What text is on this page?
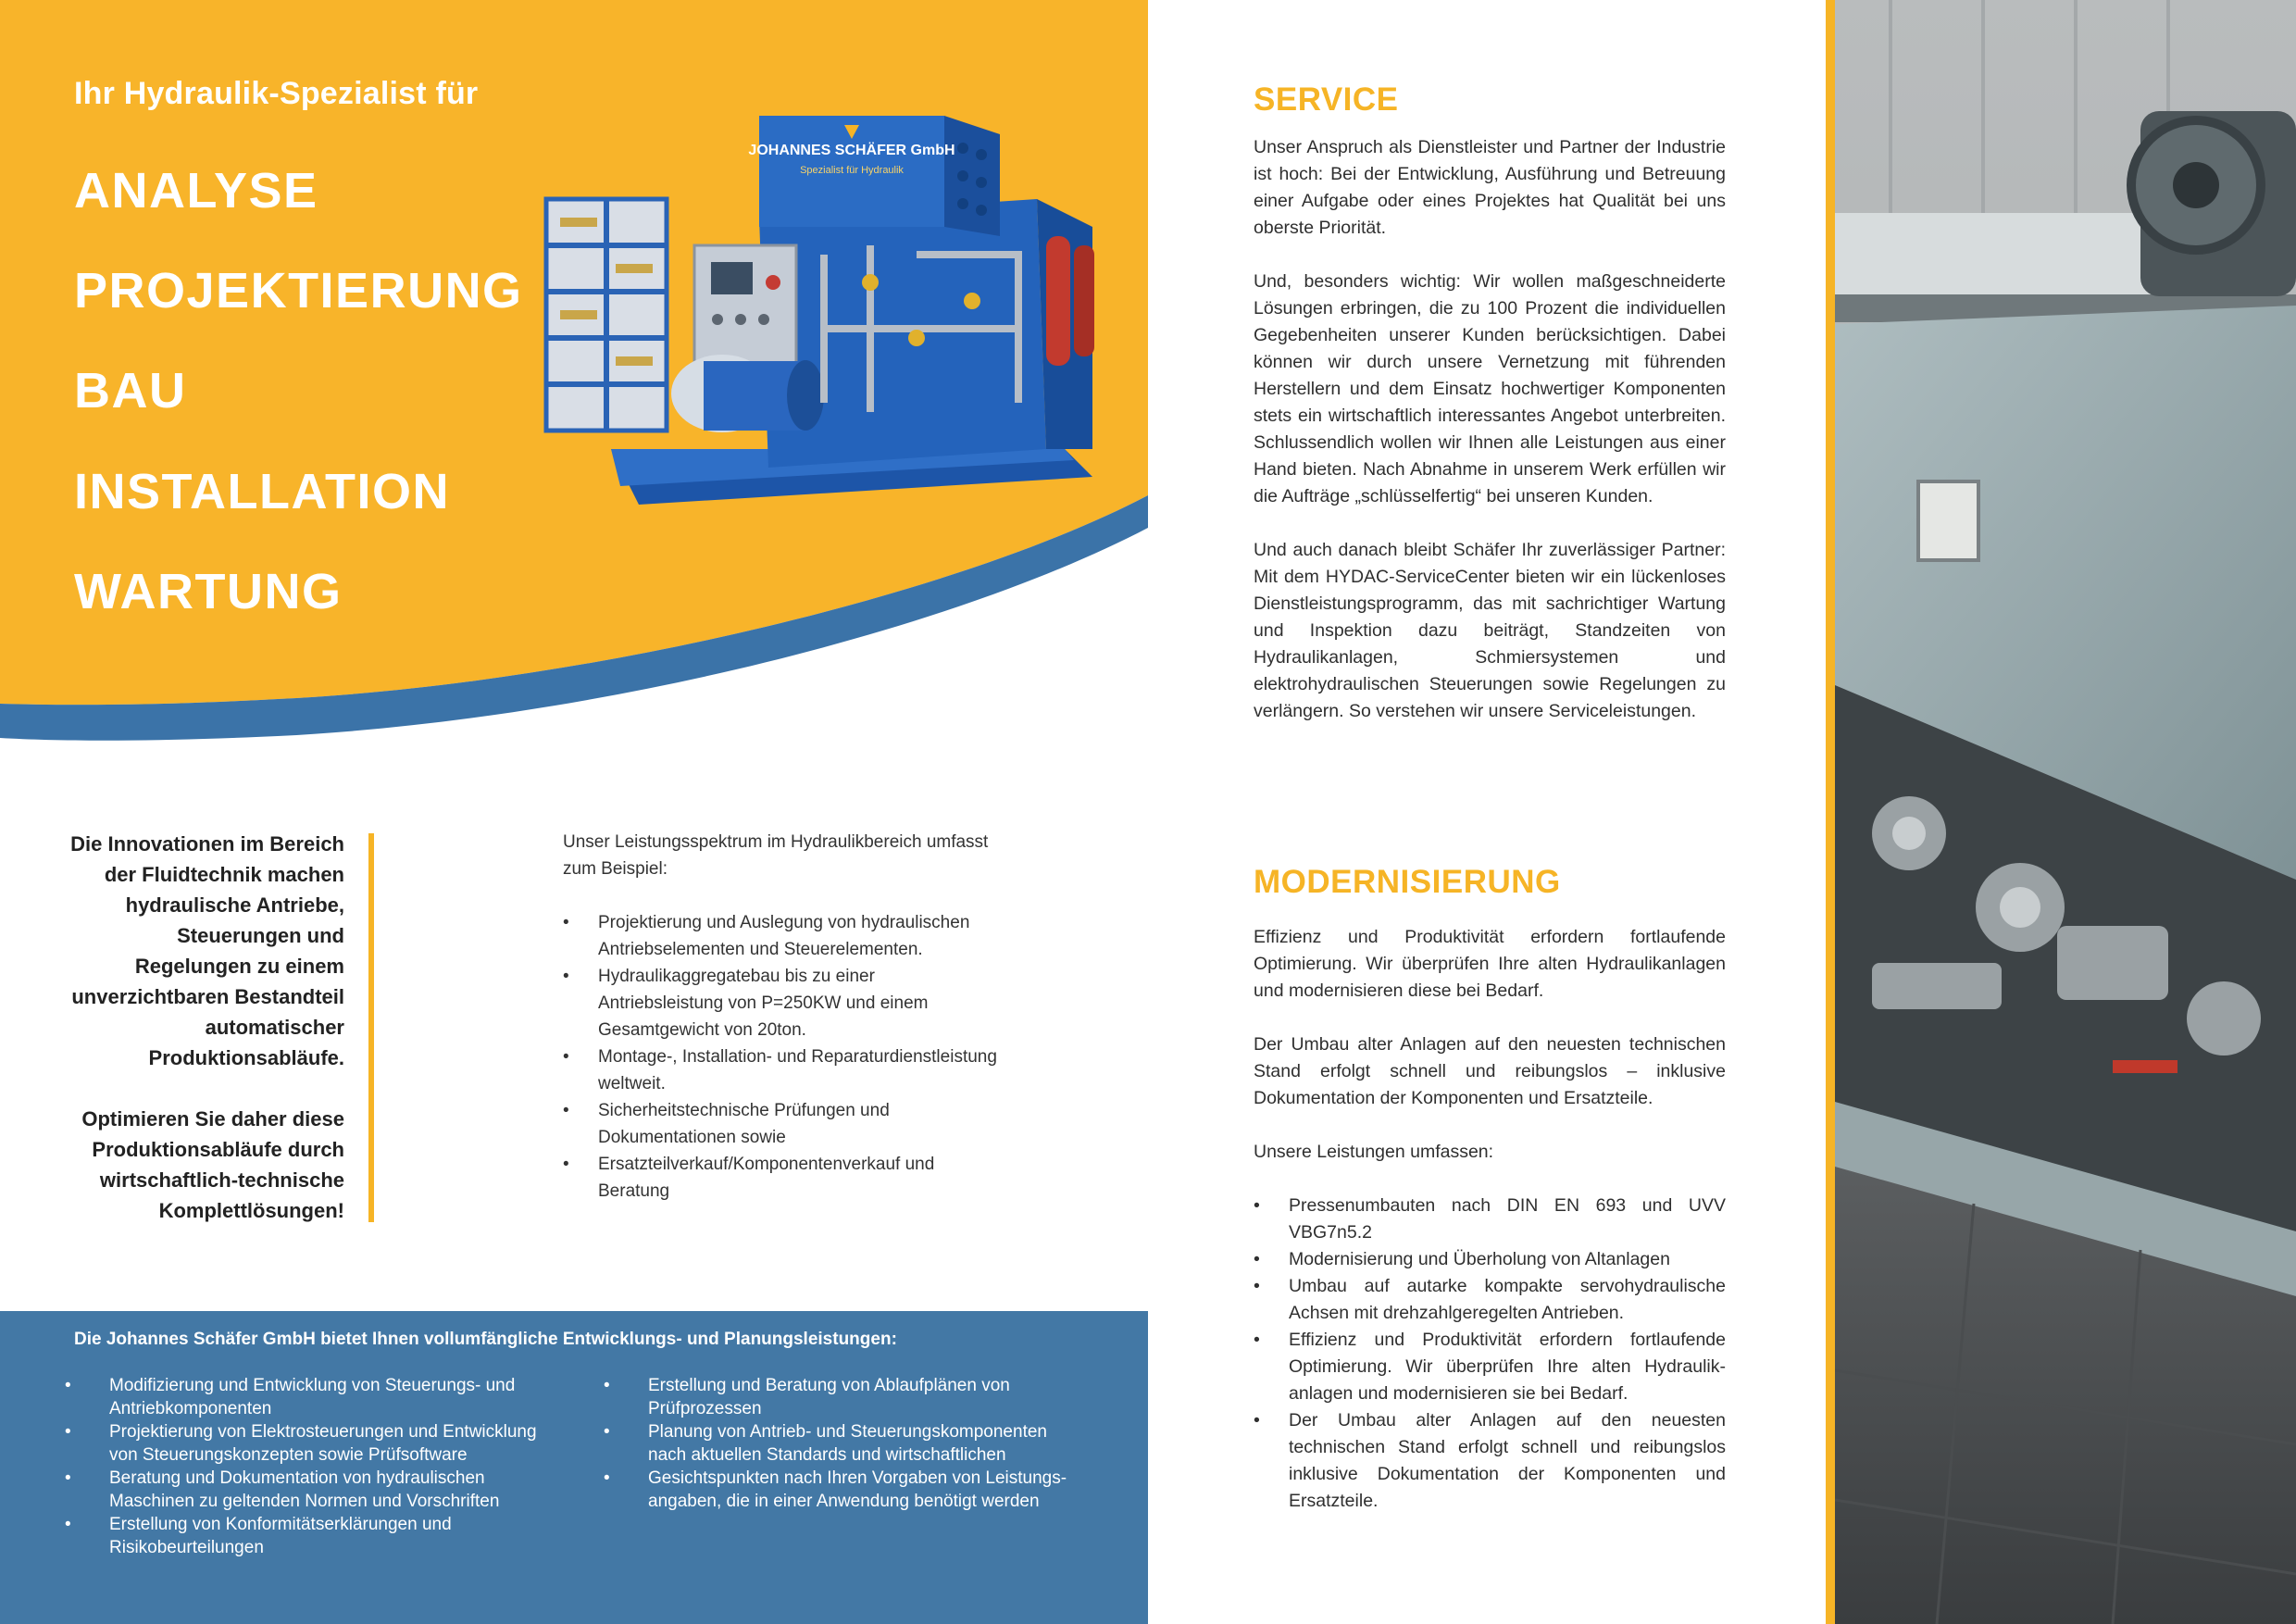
Ihr Hydraulik-Spezialist für
ANALYSE
PROJEKTIERUNG
BAU
INSTALLATION
WARTUNG
JOHANNES SCHÄFER GmbH
Spezialist für Hydraulik

Die Innovationen im Bereich der Fluidtechnik machen hydraulische Antriebe, Steuerungen und Regelungen zu einem unverzichtbaren Bestandteil automatischer Produktionsabläufe.

Optimieren Sie daher diese Produktionsabläufe durch wirtschaftlich-technische Komplettlösungen!

Unser Leistungsspektrum im Hydraulikbereich umfasst zum Beispiel:

• Projektierung und Auslegung von hydraulischen Antriebselementen und Steuerelementen.
• Hydraulikaggregatebau bis zu einer Antriebsleistung von P=250KW und einem Gesamtgewicht von 20ton.
• Montage-, Installation- und Reparaturdienstleistung weltweit.
• Sicherheitstechnische Prüfungen und Dokumentationen sowie
• Ersatzteilverkauf/Komponentenverkauf und Beratung
Die Johannes Schäfer GmbH bietet Ihnen vollumfängliche Entwicklungs- und Planungsleistungen:
• Modifizierung und Entwicklung von Steuerungs- und Antriebkomponenten
• Projektierung von Elektrosteuerungen und Entwicklung von Steuerungskonzepten sowie Prüfsoftware
• Beratung und Dokumentation von hydraulischen Maschinen zu geltenden Normen und Vorschriften
• Erstellung von Konformitätserklärungen und Risikobeurteilungen
• Erstellung und Beratung von Ablaufplänen von Prüfprozessen
• Planung von Antrieb- und Steuerungskomponenten nach aktuellen Standards und wirtschaftlichen
• Gesichtspunkten nach Ihren Vorgaben von Leistungs-angaben, die in einer Anwendung benötigt werden
SERVICE

Unser Anspruch als Dienstleister und Partner der Industrie ist hoch: Bei der Entwicklung, Ausführung und Betreuung einer Aufgabe oder eines Projektes hat Qualität bei uns oberste Priorität.

Und, besonders wichtig: Wir wollen maßgeschneiderte Lösungen erbringen, die zu 100 Prozent die individuellen Gegebenheiten unserer Kunden berücksichtigen. Dabei können wir durch unsere Vernetzung mit führenden Herstellern und dem Einsatz hochwertiger Komponenten stets ein wirtschaftlich interessantes Angebot unterbreiten. Schlussendlich wollen wir Ihnen alle Leistungen aus einer Hand bieten. Nach Abnahme in unserem Werk erfüllen wir die Aufträge „schlüsselfertig“ bei unseren Kunden.

Und auch danach bleibt Schäfer Ihr zuverlässiger Partner: Mit dem HYDAC-ServiceCenter bieten wir ein lückenloses Dienstleistungsprogramm, das mit sachrichtiger Wartung und Inspektion dazu beiträgt, Standzeiten von Hydraulikanlagen, Schmiersystemen und elektrohydraulischen Steuerungen sowie Regelungen zu verlängern. So verstehen wir unsere Serviceleistungen.

MODERNISIERUNG

Effizienz und Produktivität erfordern fortlaufende Optimierung. Wir überprüfen Ihre alten Hydraulikanlagen und modernisieren diese bei Bedarf.

Der Umbau alter Anlagen auf den neuesten technischen Stand erfolgt schnell und reibungslos – inklusive Dokumentation der Komponenten und Ersatzteile.

Unsere Leistungen umfassen:

• Pressenumbauten nach DIN EN 693 und UVV VBG7n5.2
• Modernisierung und Überholung von Altanlagen
• Umbau auf autarke kompakte servohydraulische Achsen mit drehzahlgeregelten Antrieben.
• Effizienz und Produktivität erfordern fortlaufende Optimierung. Wir überprüfen Ihre alten Hydraulik-anlagen und modernisieren sie bei Bedarf.
• Der Umbau alter Anlagen auf den neuesten technischen Stand erfolgt schnell und reibungslos inklusive Dokumentation der Komponenten und Ersatzteile.
